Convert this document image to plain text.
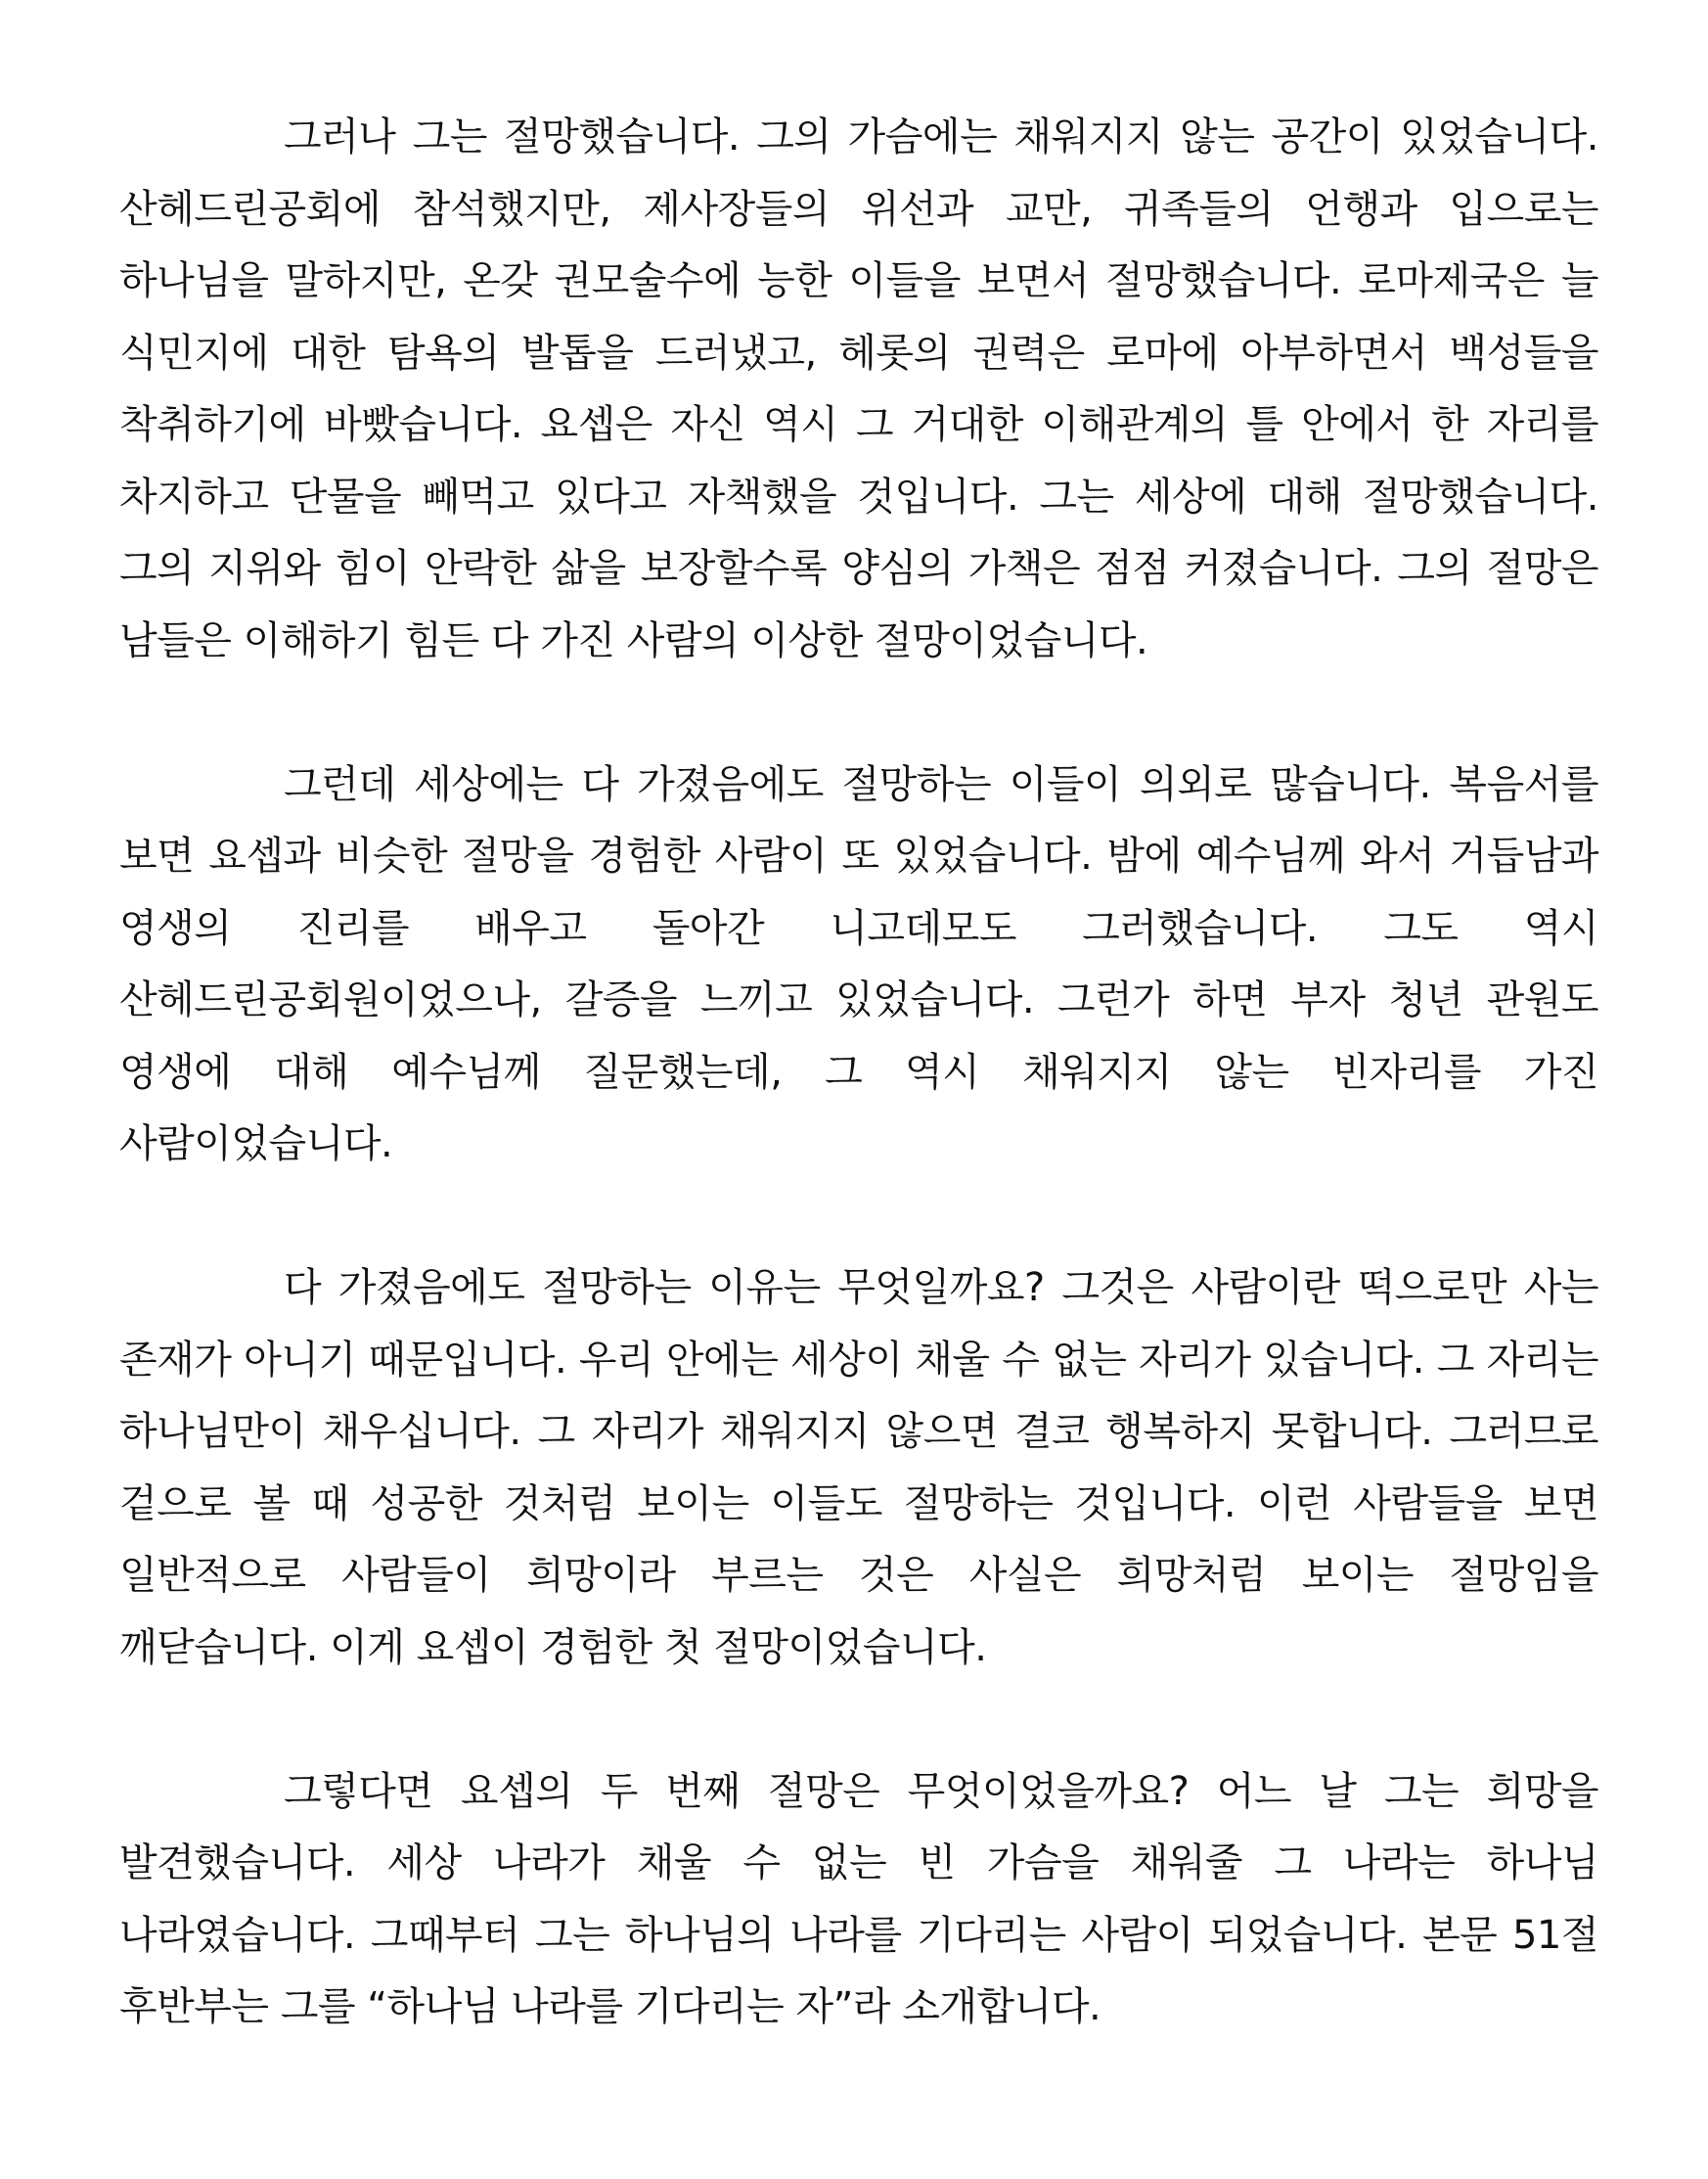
그러나 그는 절망했습니다. 그의 가슴에는 채워지지 않는 공간이 있었습니다. 산헤드린공회에 참석했지만, 제사장들의 위선과 교만, 귀족들의 언행과 입으로는 하나님을 말하지만, 온갖 권모술수에 능한 이들을 보면서 절망했습니다. 로마제국은 늘 식민지에 대한 탐욕의 발톱을 드러냈고, 헤롯의 권력은 로마에 아부하면서 백성들을 착취하기에 바빴습니다. 요셉은 자신 역시 그 거대한 이해관계의 틀 안에서 한 자리를 차지하고 단물을 빼먹고 있다고 자책했을 것입니다. 그는 세상에 대해 절망했습니다. 그의 지위와 힘이 안락한 삶을 보장할수록 양심의 가책은 점점 커졌습니다. 그의 절망은 남들은 이해하기 힘든 다 가진 사람의 이상한 절망이었습니다.

그런데 세상에는 다 가졌음에도 절망하는 이들이 의외로 많습니다. 복음서를 보면 요셉과 비슷한 절망을 경험한 사람이 또 있었습니다. 밤에 예수님께 와서 거듭남과 영생의 진리를 배우고 돌아간 니고데모도 그러했습니다. 그도 역시 산헤드린공회원이었으나, 갈증을 느끼고 있었습니다. 그런가 하면 부자 청년 관원도 영생에 대해 예수님께 질문했는데, 그 역시 채워지지 않는 빈자리를 가진 사람이었습니다.

다 가졌음에도 절망하는 이유는 무엇일까요? 그것은 사람이란 떡으로만 사는 존재가 아니기 때문입니다. 우리 안에는 세상이 채울 수 없는 자리가 있습니다. 그 자리는 하나님만이 채우십니다. 그 자리가 채워지지 않으면 결코 행복하지 못합니다. 그러므로 겉으로 볼 때 성공한 것처럼 보이는 이들도 절망하는 것입니다. 이런 사람들을 보면 일반적으로 사람들이 희망이라 부르는 것은 사실은 희망처럼 보이는 절망임을 깨닫습니다. 이게 요셉이 경험한 첫 절망이었습니다.

그렇다면 요셉의 두 번째 절망은 무엇이었을까요? 어느 날 그는 희망을 발견했습니다. 세상 나라가 채울 수 없는 빈 가슴을 채워줄 그 나라는 하나님 나라였습니다. 그때부터 그는 하나님의 나라를 기다리는 사람이 되었습니다. 본문 51절 후반부는 그를 “하나님 나라를 기다리는 자”라 소개합니다.
